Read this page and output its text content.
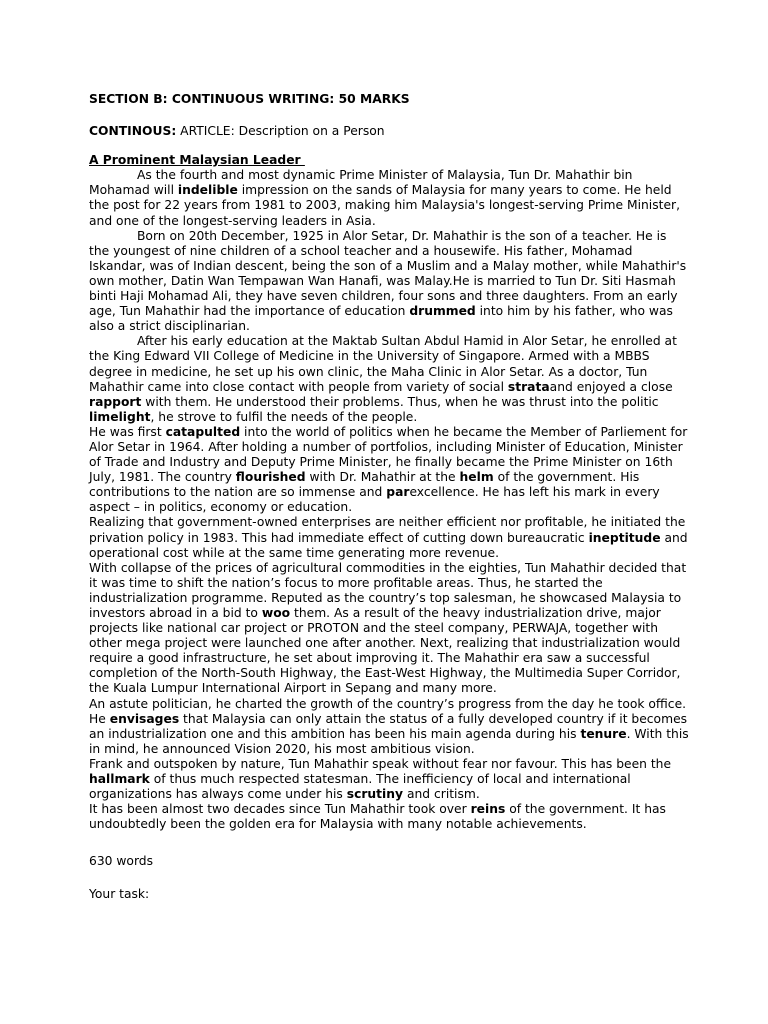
SECTION B: CONTINUOUS WRITING: 50 MARKS
CONTINOUS: ARTICLE: Description on a Person
A Prominent Malaysian Leader

As the fourth and most dynamic Prime Minister of Malaysia, Tun Dr. Mahathir bin Mohamad will indelible impression on the sands of Malaysia for many years to come. He held the post for 22 years from 1981 to 2003, making him Malaysia's longest-serving Prime Minister, and one of the longest-serving leaders in Asia.

Born on 20th December, 1925 in Alor Setar, Dr. Mahathir is the son of a teacher. He is the youngest of nine children of a school teacher and a housewife. His father, Mohamad Iskandar, was of Indian descent, being the son of a Muslim and a Malay mother, while Mahathir's own mother, Datin Wan Tempawan Wan Hanafi, was Malay.He is married to Tun Dr. Siti Hasmah binti Haji Mohamad Ali, they have seven children, four sons and three daughters. From an early age, Tun Mahathir had the importance of education drummed into him by his father, who was also a strict disciplinarian.

After his early education at the Maktab Sultan Abdul Hamid in Alor Setar, he enrolled at the King Edward VII College of Medicine in the University of Singapore. Armed with a MBBS degree in medicine, he set up his own clinic, the Maha Clinic in Alor Setar. As a doctor, Tun Mahathir came into close contact with people from variety of social strataand enjoyed a close rapport with them. He understood their problems. Thus, when he was thrust into the politic limelight, he strove to fulfil the needs of the people.

He was first catapulted into the world of politics when he became the Member of Parliement for Alor Setar in 1964. After holding a number of portfolios, including Minister of Education, Minister of Trade and Industry and Deputy Prime Minister, he finally became the Prime Minister on 16th July, 1981. The country flourished with Dr. Mahathir at the helm of the government. His contributions to the nation are so immense and parexcellence. He has left his mark in every aspect – in politics, economy or education.

Realizing that government-owned enterprises are neither efficient nor profitable, he initiated the privation policy in 1983. This had immediate effect of cutting down bureaucratic ineptitude and operational cost while at the same time generating more revenue.

With collapse of the prices of agricultural commodities in the eighties, Tun Mahathir decided that it was time to shift the nation’s focus to more profitable areas. Thus, he started the industrialization programme. Reputed as the country’s top salesman, he showcased Malaysia to investors abroad in a bid to woo them. As a result of the heavy industrialization drive, major projects like national car project or PROTON and the steel company, PERWAJA, together with other mega project were launched one after another. Next, realizing that industrialization would require a good infrastructure, he set about improving it. The Mahathir era saw a successful completion of the North-South Highway, the East-West Highway, the Multimedia Super Corridor, the Kuala Lumpur International Airport in Sepang and many more.

An astute politician, he charted the growth of the country’s progress from the day he took office. He envisages that Malaysia can only attain the status of a fully developed country if it becomes an industrialization one and this ambition has been his main agenda during his tenure. With this in mind, he announced Vision 2020, his most ambitious vision.

Frank and outspoken by nature, Tun Mahathir speak without fear nor favour. This has been the hallmark of thus much respected statesman. The inefficiency of local and international organizations has always come under his scrutiny and critism.

It has been almost two decades since Tun Mahathir took over reins of the government. It has undoubtedly been the golden era for Malaysia with many notable achievements.

630 words
Your task:
